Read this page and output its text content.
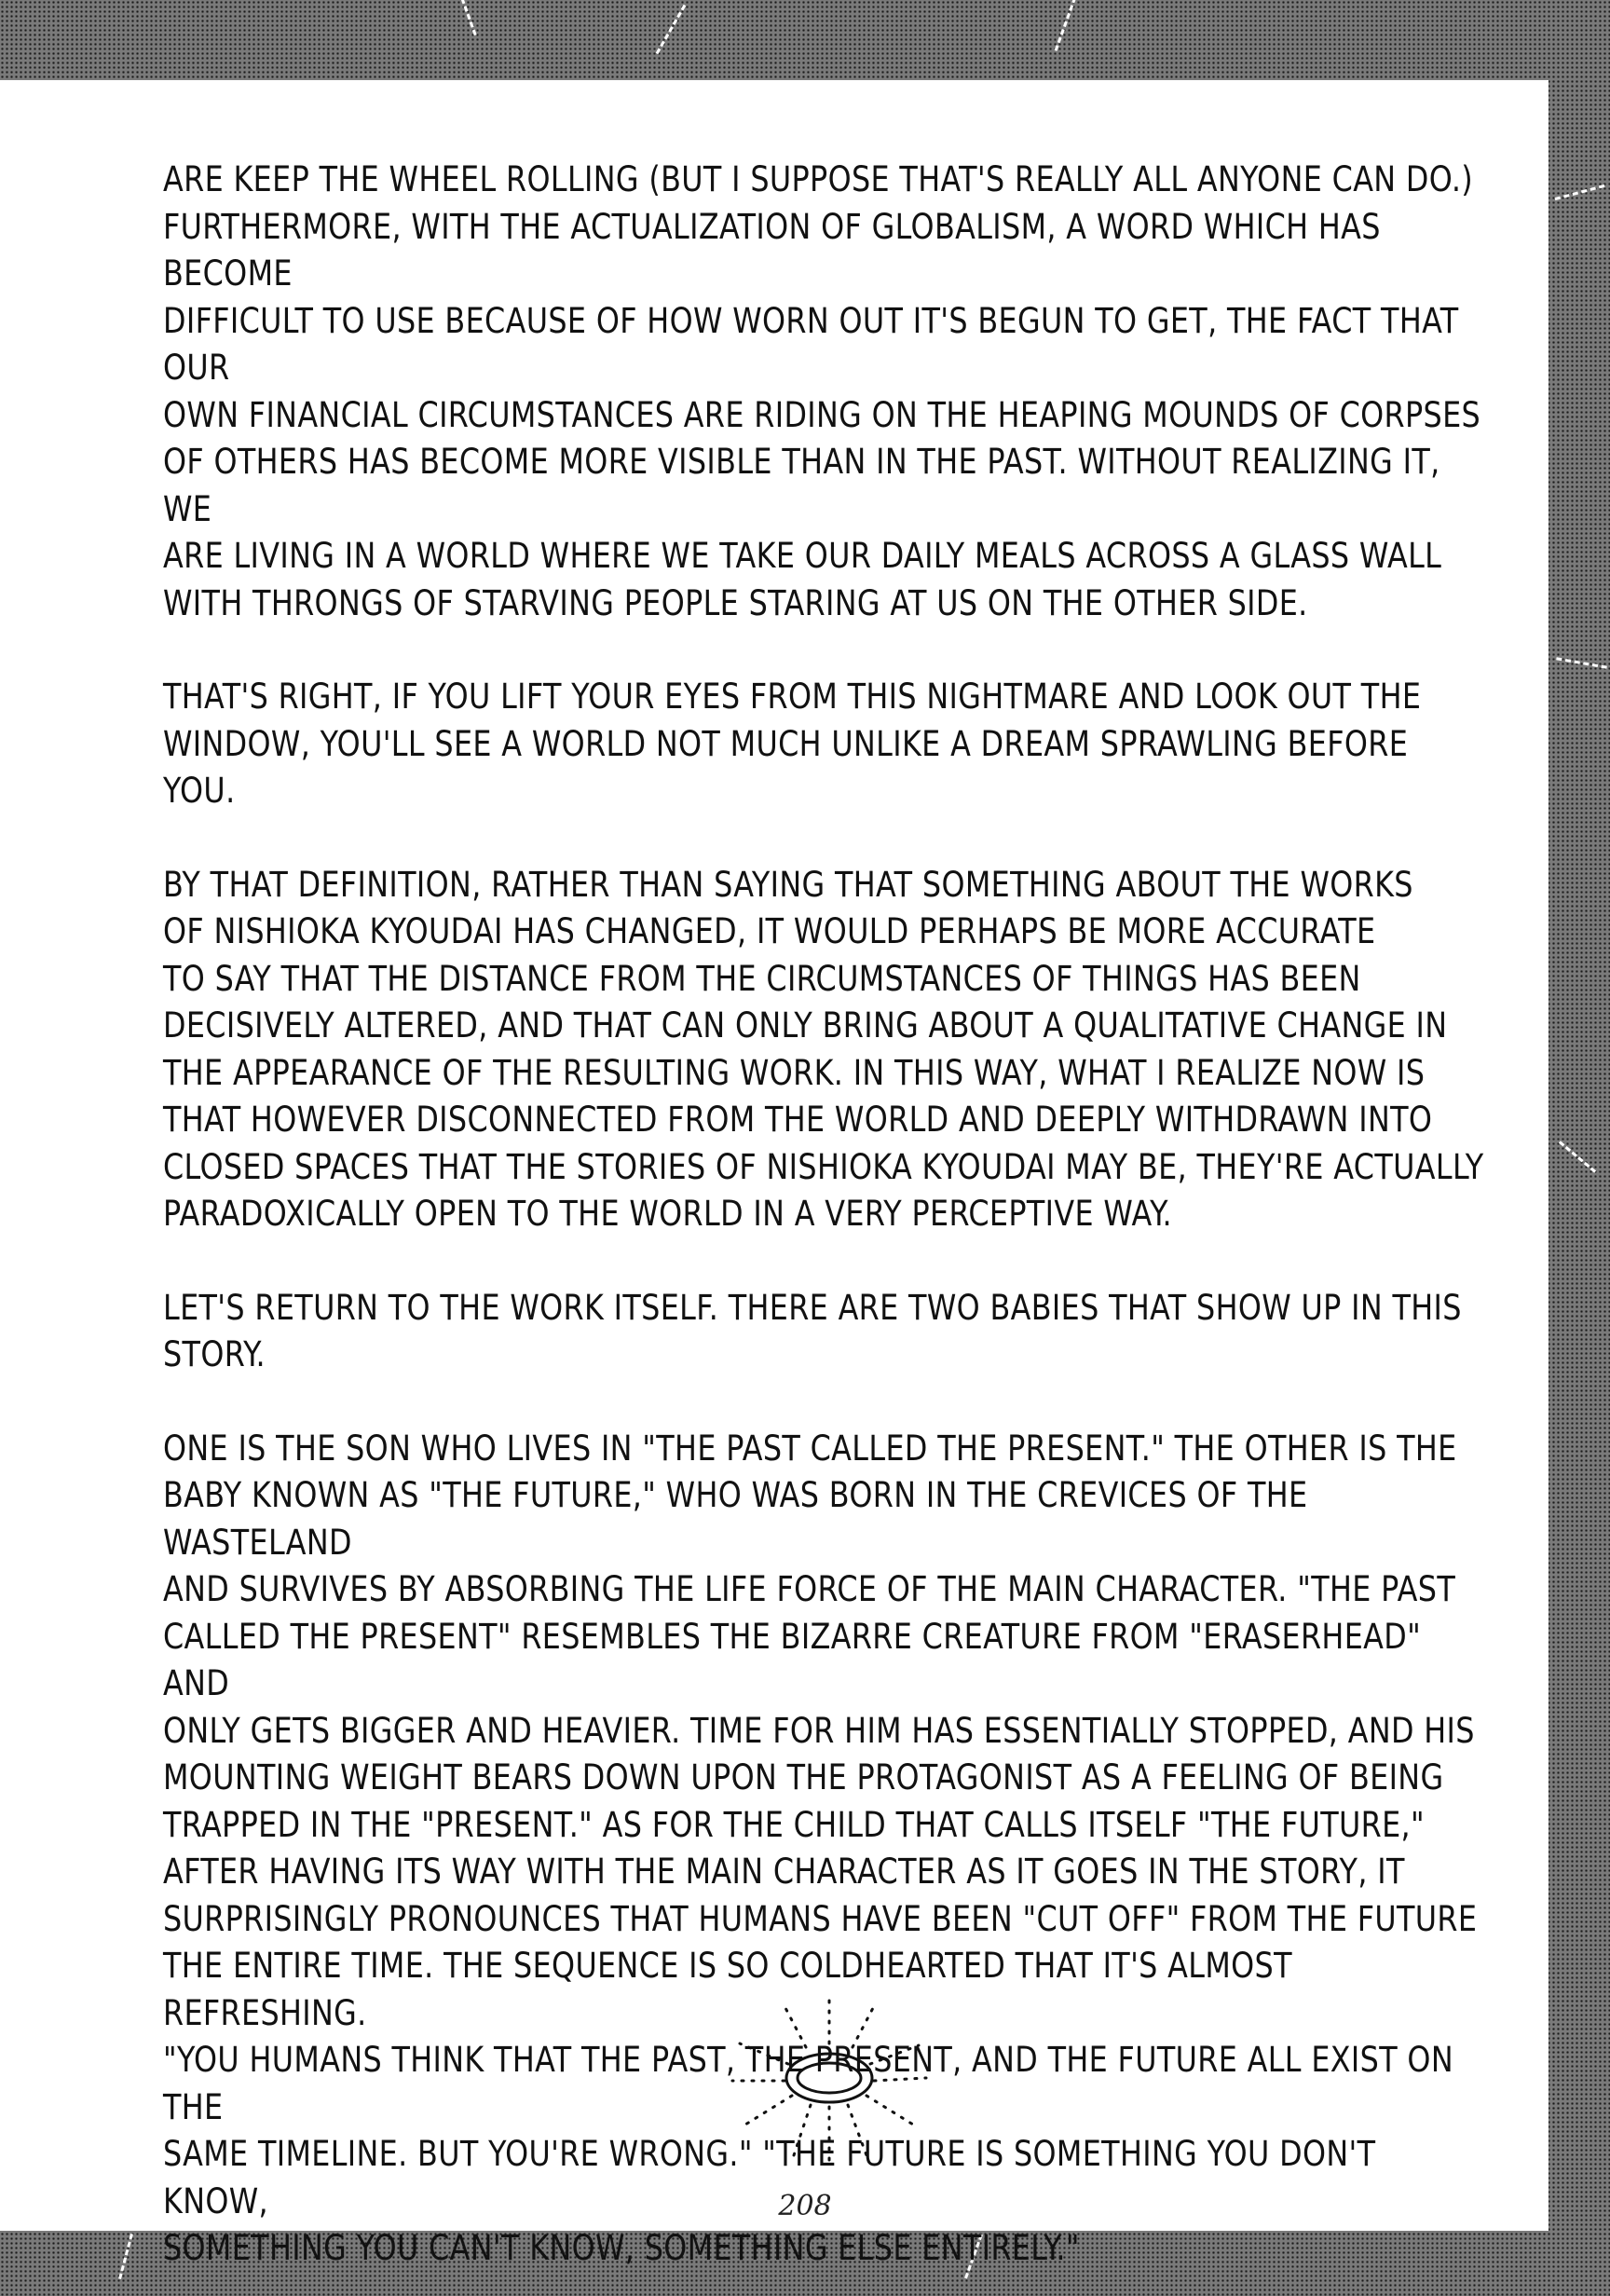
ARE KEEP THE WHEEL ROLLING (BUT I SUPPOSE THAT'S REALLY ALL ANYONE CAN DO.)
FURTHERMORE, WITH THE ACTUALIZATION OF GLOBALISM, A WORD WHICH HAS BECOME
DIFFICULT TO USE BECAUSE OF HOW WORN OUT IT'S BEGUN TO GET, THE FACT THAT OUR
OWN FINANCIAL CIRCUMSTANCES ARE RIDING ON THE HEAPING MOUNDS OF CORPSES
OF OTHERS HAS BECOME MORE VISIBLE THAN IN THE PAST. WITHOUT REALIZING IT, WE
ARE LIVING IN A WORLD WHERE WE TAKE OUR DAILY MEALS ACROSS A GLASS WALL
WITH THRONGS OF STARVING PEOPLE STARING AT US ON THE OTHER SIDE.

THAT'S RIGHT, IF YOU LIFT YOUR EYES FROM THIS NIGHTMARE AND LOOK OUT THE
WINDOW, YOU'LL SEE A WORLD NOT MUCH UNLIKE A DREAM SPRAWLING BEFORE YOU.

BY THAT DEFINITION, RATHER THAN SAYING THAT SOMETHING ABOUT THE WORKS
OF NISHIOKA KYOUDAI HAS CHANGED, IT WOULD PERHAPS BE MORE ACCURATE
TO SAY THAT THE DISTANCE FROM THE CIRCUMSTANCES OF THINGS HAS BEEN
DECISIVELY ALTERED, AND THAT CAN ONLY BRING ABOUT A QUALITATIVE CHANGE IN
THE APPEARANCE OF THE RESULTING WORK. IN THIS WAY, WHAT I REALIZE NOW IS
THAT HOWEVER DISCONNECTED FROM THE WORLD AND DEEPLY WITHDRAWN INTO
CLOSED SPACES THAT THE STORIES OF NISHIOKA KYOUDAI MAY BE, THEY'RE ACTUALLY
PARADOXICALLY OPEN TO THE WORLD IN A VERY PERCEPTIVE WAY.

LET'S RETURN TO THE WORK ITSELF. THERE ARE TWO BABIES THAT SHOW UP IN THIS
STORY.

ONE IS THE SON WHO LIVES IN "THE PAST CALLED THE PRESENT." THE OTHER IS THE
BABY KNOWN AS "THE FUTURE," WHO WAS BORN IN THE CREVICES OF THE WASTELAND
AND SURVIVES BY ABSORBING THE LIFE FORCE OF THE MAIN CHARACTER. "THE PAST
CALLED THE PRESENT" RESEMBLES THE BIZARRE CREATURE FROM "ERASERHEAD" AND
ONLY GETS BIGGER AND HEAVIER. TIME FOR HIM HAS ESSENTIALLY STOPPED, AND HIS
MOUNTING WEIGHT BEARS DOWN UPON THE PROTAGONIST AS A FEELING OF BEING
TRAPPED IN THE "PRESENT." AS FOR THE CHILD THAT CALLS ITSELF "THE FUTURE,"
AFTER HAVING ITS WAY WITH THE MAIN CHARACTER AS IT GOES IN THE STORY, IT
SURPRISINGLY PRONOUNCES THAT HUMANS HAVE BEEN "CUT OFF" FROM THE FUTURE
THE ENTIRE TIME. THE SEQUENCE IS SO COLDHEARTED THAT IT'S ALMOST REFRESHING.
"YOU HUMANS THINK THAT THE PAST, THE PRESENT, AND THE FUTURE ALL EXIST ON THE
SAME TIMELINE. BUT YOU'RE WRONG." "THE FUTURE IS SOMETHING YOU DON'T KNOW,
SOMETHING YOU CAN'T KNOW, SOMETHING ELSE ENTIRELY."

208
